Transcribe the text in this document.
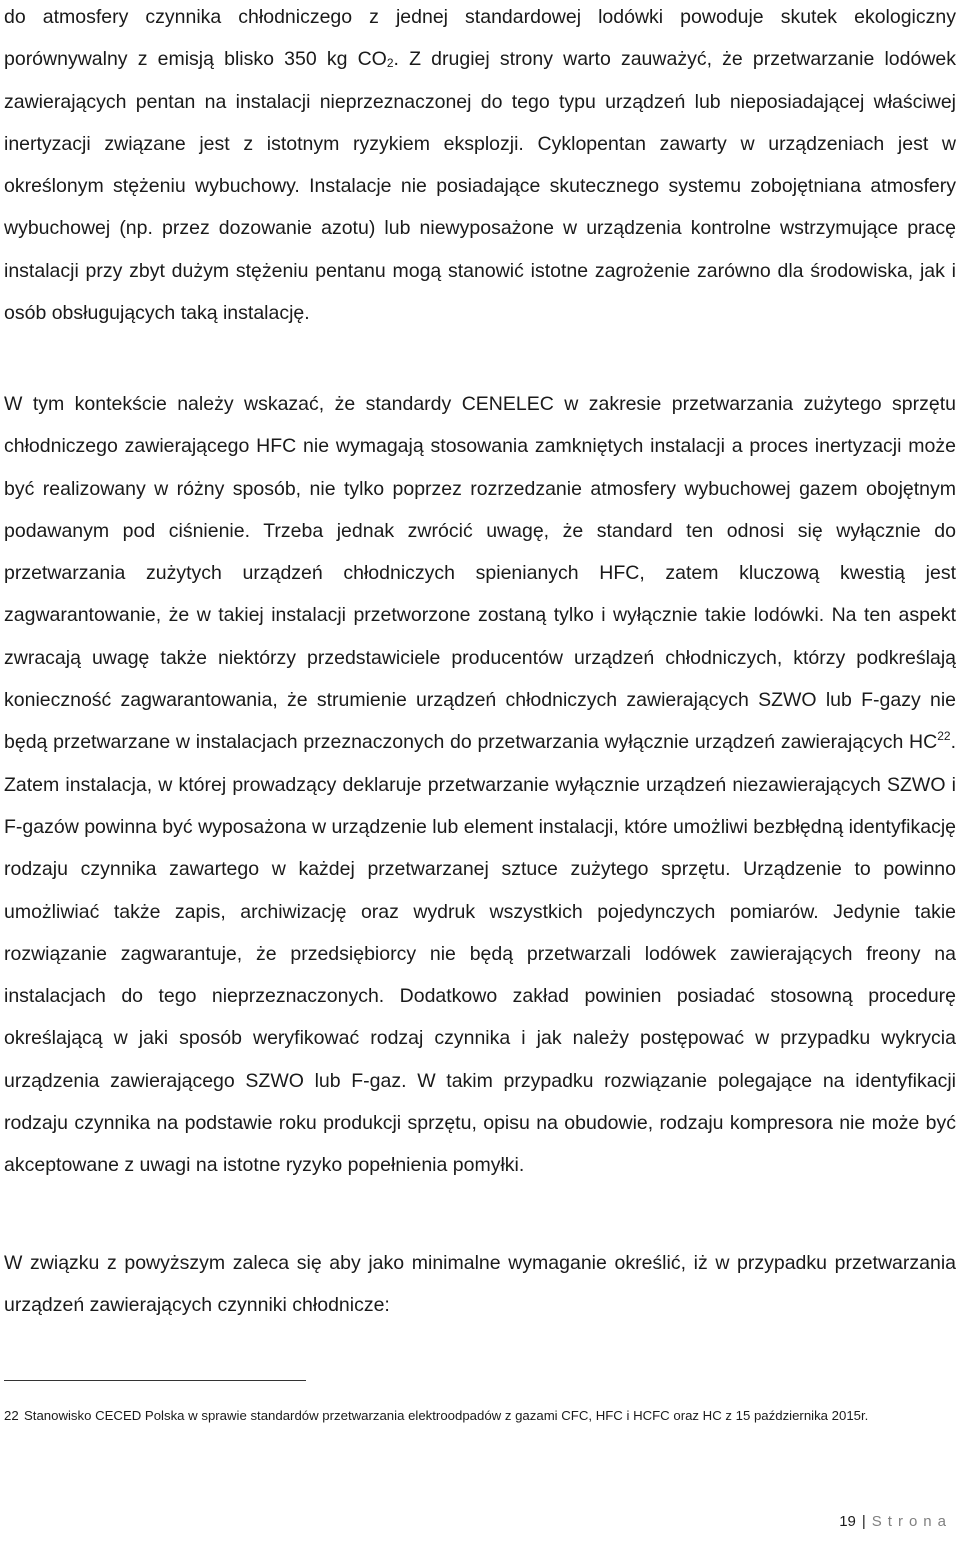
do atmosfery czynnika chłodniczego z jednej standardowej lodówki powoduje skutek ekologiczny porównywalny z emisją blisko 350 kg $CO_2$. Z drugiej strony warto zauważyć, że przetwarzanie lodówek zawierających pentan na instalacji nieprzeznaczonej do tego typu urządzeń lub nieposiadającej właściwej inertyzacji związane jest z istotnym ryzykiem eksplozji. Cyklopentan zawarty w urządzeniach jest w określonym stężeniu wybuchowy. Instalacje nie posiadające skutecznego systemu zobojętniana atmosfery wybuchowej (np. przez dozowanie azotu) lub niewyposażone w urządzenia kontrolne wstrzymujące pracę instalacji przy zbyt dużym stężeniu pentanu mogą stanowić istotne zagrożenie zarówno dla środowiska, jak i osób obsługujących taką instalację.

W tym kontekście należy wskazać, że standardy CENELEC w zakresie przetwarzania zużytego sprzętu chłodniczego zawierającego HFC nie wymagają stosowania zamkniętych instalacji a proces inertyzacji może być realizowany w różny sposób, nie tylko poprzez rozrzedzanie atmosfery wybuchowej gazem obojętnym podawanym pod ciśnienie. Trzeba jednak zwrócić uwagę, że standard ten odnosi się wyłącznie do przetwarzania zużytych urządzeń chłodniczych spienianych HFC, zatem kluczową kwestią jest zagwarantowanie, że w takiej instalacji przetworzone zostaną tylko i wyłącznie takie lodówki. Na ten aspekt zwracają uwagę także niektórzy przedstawiciele producentów urządzeń chłodniczych, którzy podkreślają konieczność zagwarantowania, że strumienie urządzeń chłodniczych zawierających SZWO lub F-gazy nie będą przetwarzane w instalacjach przeznaczonych do przetwarzania wyłącznie urządzeń zawierających HC$^{22}$. Zatem instalacja, w której prowadzący deklaruje przetwarzanie wyłącznie urządzeń niezawierających SZWO i F-gazów powinna być wyposażona w urządzenie lub element instalacji, które umożliwi bezbłędną identyfikację rodzaju czynnika zawartego w każdej przetwarzanej sztuce zużytego sprzętu. Urządzenie to powinno umożliwiać także zapis, archiwizację oraz wydruk wszystkich pojedynczych pomiarów. Jedynie takie rozwiązanie zagwarantuje, że przedsiębiorcy nie będą przetwarzali lodówek zawierających freony na instalacjach do tego nieprzeznaczonych. Dodatkowo zakład powinien posiadać stosowną procedurę określającą w jaki sposób weryfikować rodzaj czynnika i jak należy postępować w przypadku wykrycia urządzenia zawierającego SZWO lub F-gaz. W takim przypadku rozwiązanie polegające na identyfikacji rodzaju czynnika na podstawie roku produkcji sprzętu, opisu na obudowie, rodzaju kompresora nie może być akceptowane z uwagi na istotne ryzyko popełnienia pomyłki.

W związku z powyższym zaleca się aby jako minimalne wymaganie określić, iż w przypadku przetwarzania urządzeń zawierających czynniki chłodnicze:

22 Stanowisko CECED Polska w sprawie standardów przetwarzania elektroodpadów z gazami CFC, HFC i HCFC oraz HC z 15 października 2015r.

19 | Strona
